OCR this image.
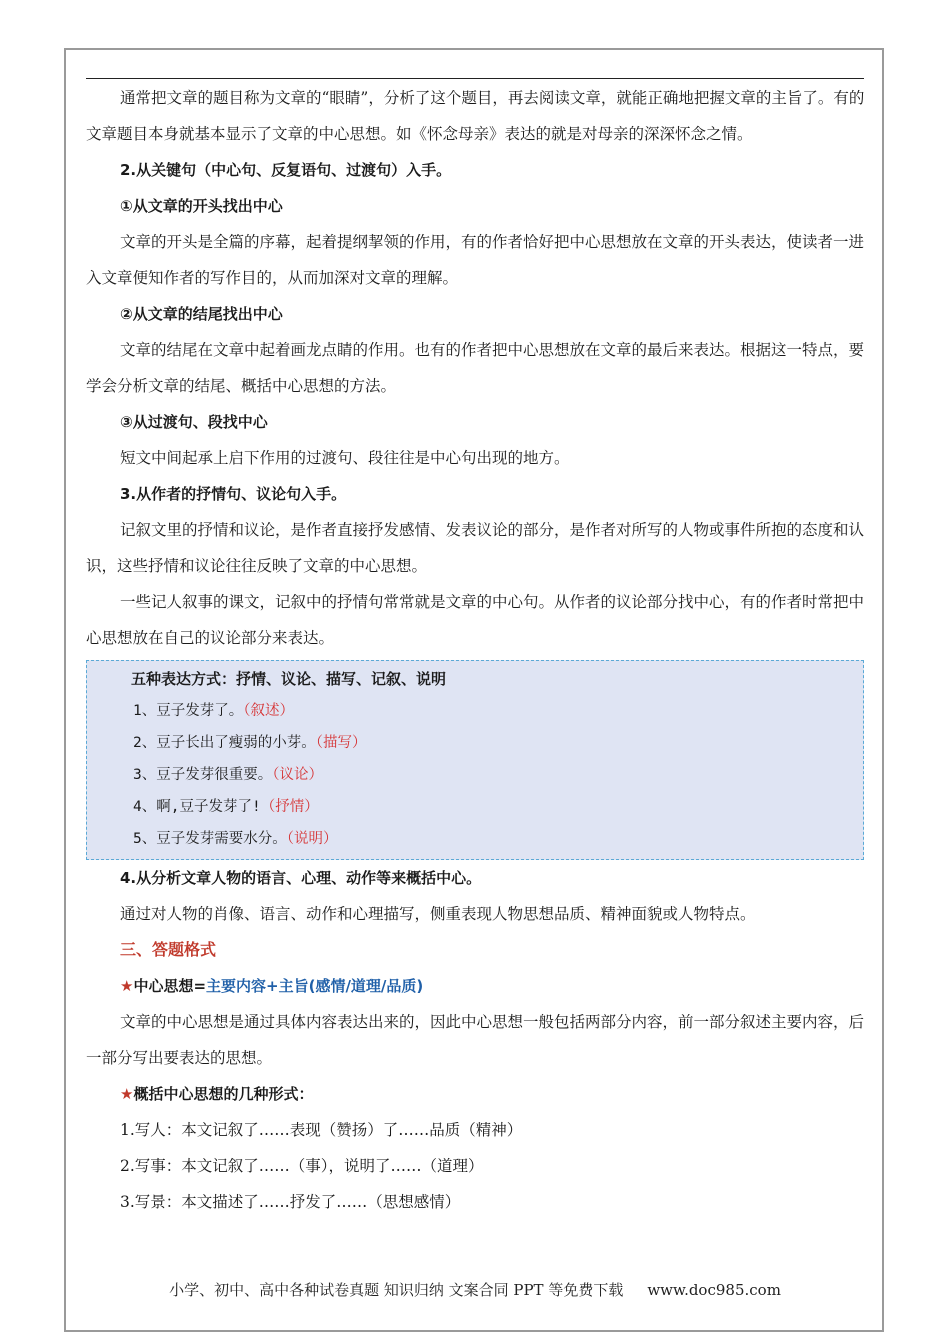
通常把文章的题目称为文章的“眼睛”，分析了这个题目，再去阅读文章，就能正确地把握文章的主旨了。有的文章题目本身就基本显示了文章的中心思想。如《怀念母亲》表达的就是对母亲的深深怀念之情。

2.从关键句（中心句、反复语句、过渡句）入手。

①从文章的开头找出中心

文章的开头是全篇的序幕，起着提纲挈领的作用，有的作者恰好把中心思想放在文章的开头表达，使读者一进入文章便知作者的写作目的，从而加深对文章的理解。

②从文章的结尾找出中心

文章的结尾在文章中起着画龙点睛的作用。也有的作者把中心思想放在文章的最后来表达。根据这一特点，要学会分析文章的结尾、概括中心思想的方法。

③从过渡句、段找中心

短文中间起承上启下作用的过渡句、段往往是中心句出现的地方。

3.从作者的抒情句、议论句入手。

记叙文里的抒情和议论，是作者直接抒发感情、发表议论的部分，是作者对所写的人物或事件所抱的态度和认识，这些抒情和议论往往反映了文章的中心思想。

一些记人叙事的课文，记叙中的抒情句常常就是文章的中心句。从作者的议论部分找中心，有的作者时常把中心思想放在自己的议论部分来表达。

五种表达方式：抒情、议论、描写、记叙、说明
1、豆子发芽了。（叙述）
2、豆子长出了瘦弱的小芽。（描写）
3、豆子发芽很重要。（议论）
4、啊,豆子发芽了!（抒情）
5、豆子发芽需要水分。（说明）

4.从分析文章人物的语言、心理、动作等来概括中心。

通过对人物的肖像、语言、动作和心理描写，侧重表现人物思想品质、精神面貌或人物特点。

三、答题格式

★中心思想=主要内容+主旨(感情/道理/品质)

文章的中心思想是通过具体内容表达出来的，因此中心思想一般包括两部分内容，前一部分叙述主要内容，后一部分写出要表达的思想。

★概括中心思想的几种形式：

1.写人：本文记叙了……表现（赞扬）了……品质（精神）

2.写事：本文记叙了……（事），说明了……（道理）

3.写景：本文描述了……抒发了……（思想感情）

小学、初中、高中各种试卷真题 知识归纳 文案合同 PPT 等免费下载 www.doc985.com
